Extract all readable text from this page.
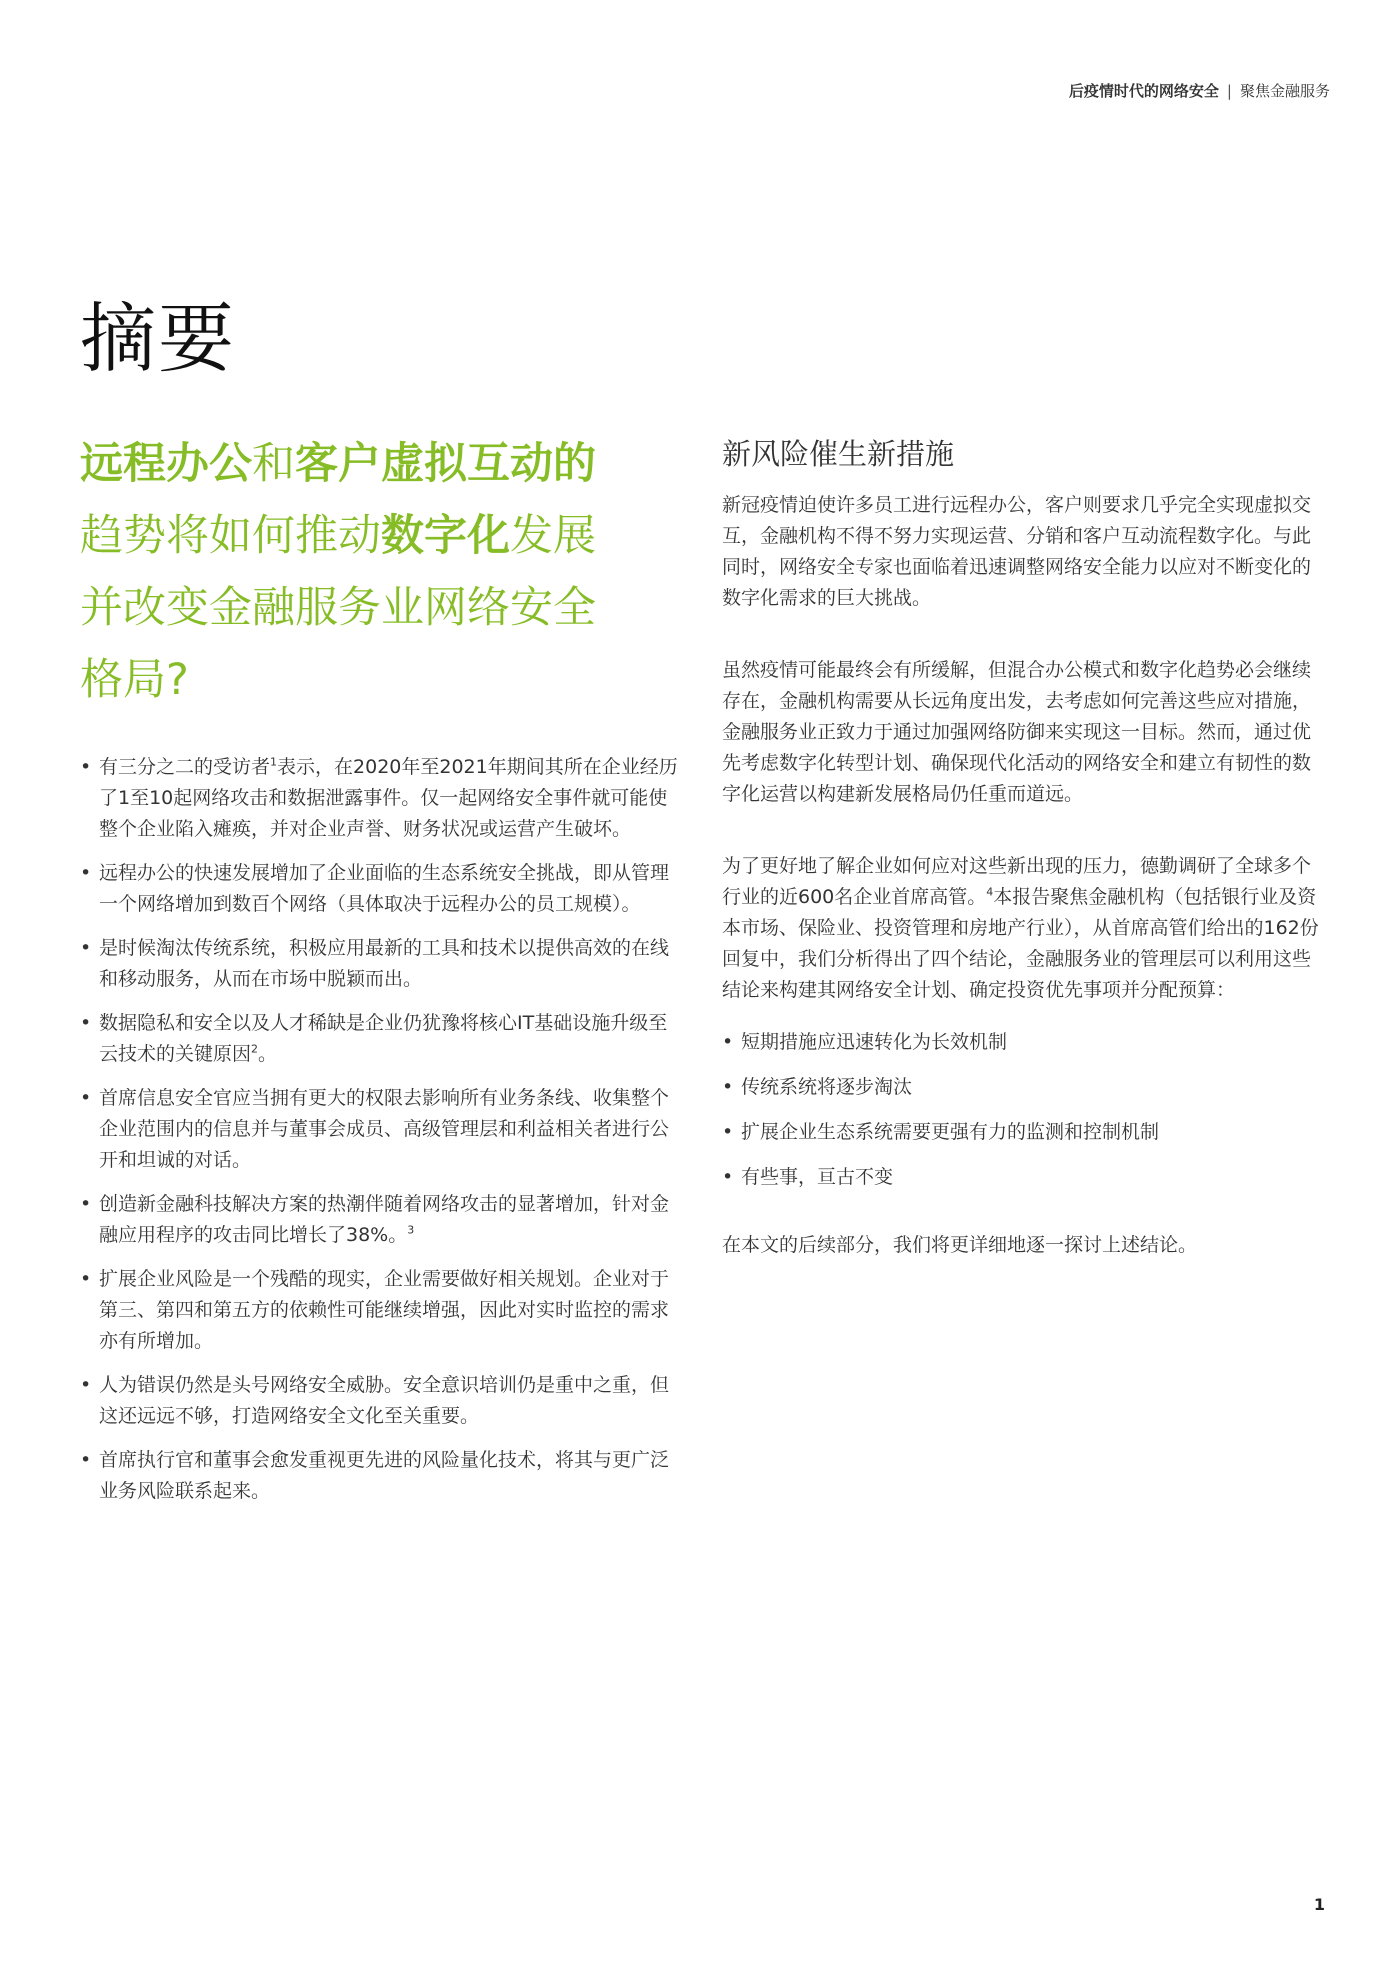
后疫情时代的网络安全 | 聚焦金融服务
摘要
远程办公和客户虚拟互动的
趋势将如何推动数字化发展
并改变金融服务业网络安全
格局?
• 有三分之二的受访者$^1$表示，在2020年至2021年期间其所在企业经历了1至10起网络攻击和数据泄露事件。仅一起网络安全事件就可能使整个企业陷入瘫痪，并对企业声誉、财务状况或运营产生破坏。
• 远程办公的快速发展增加了企业面临的生态系统安全挑战，即从管理一个网络增加到数百个网络（具体取决于远程办公的员工规模）。
• 是时候淘汰传统系统，积极应用最新的工具和技术以提供高效的在线和移动服务，从而在市场中脱颖而出。
• 数据隐私和安全以及人才稀缺是企业仍犹豫将核心IT基础设施升级至云技术的关键原因$^2$。
• 首席信息安全官应当拥有更大的权限去影响所有业务条线、收集整个企业范围内的信息并与董事会成员、高级管理层和利益相关者进行公开和坦诚的对话。
• 创造新金融科技解决方案的热潮伴随着网络攻击的显著增加，针对金融应用程序的攻击同比增长了38%。$^3$
• 扩展企业风险是一个残酷的现实，企业需要做好相关规划。企业对于第三、第四和第五方的依赖性可能继续增强，因此对实时监控的需求亦有所增加。
• 人为错误仍然是头号网络安全威胁。安全意识培训仍是重中之重，但这还远远不够，打造网络安全文化至关重要。
• 首席执行官和董事会愈发重视更先进的风险量化技术，将其与更广泛业务风险联系起来。
新风险催生新措施

新冠疫情迫使许多员工进行远程办公，客户则要求几乎完全实现虚拟交互，金融机构不得不努力实现运营、分销和客户互动流程数字化。与此同时，网络安全专家也面临着迅速调整网络安全能力以应对不断变化的数字化需求的巨大挑战。

虽然疫情可能最终会有所缓解，但混合办公模式和数字化趋势必会继续存在，金融机构需要从长远角度出发，去考虑如何完善这些应对措施，金融服务业正致力于通过加强网络防御来实现这一目标。然而，通过优先考虑数字化转型计划、确保现代化活动的网络安全和建立有韧性的数字化运营以构建新发展格局仍任重而道远。

为了更好地了解企业如何应对这些新出现的压力，德勤调研了全球多个行业的近600名企业首席高管。$^4$本报告聚焦金融机构（包括银行业及资本市场、保险业、投资管理和房地产行业），从首席高管们给出的162份回复中，我们分析得出了四个结论，金融服务业的管理层可以利用这些结论来构建其网络安全计划、确定投资优先事项并分配预算：

• 短期措施应迅速转化为长效机制
• 传统系统将逐步淘汰
• 扩展企业生态系统需要更强有力的监测和控制机制
• 有些事，亘古不变

在本文的后续部分，我们将更详细地逐一探讨上述结论。

1
